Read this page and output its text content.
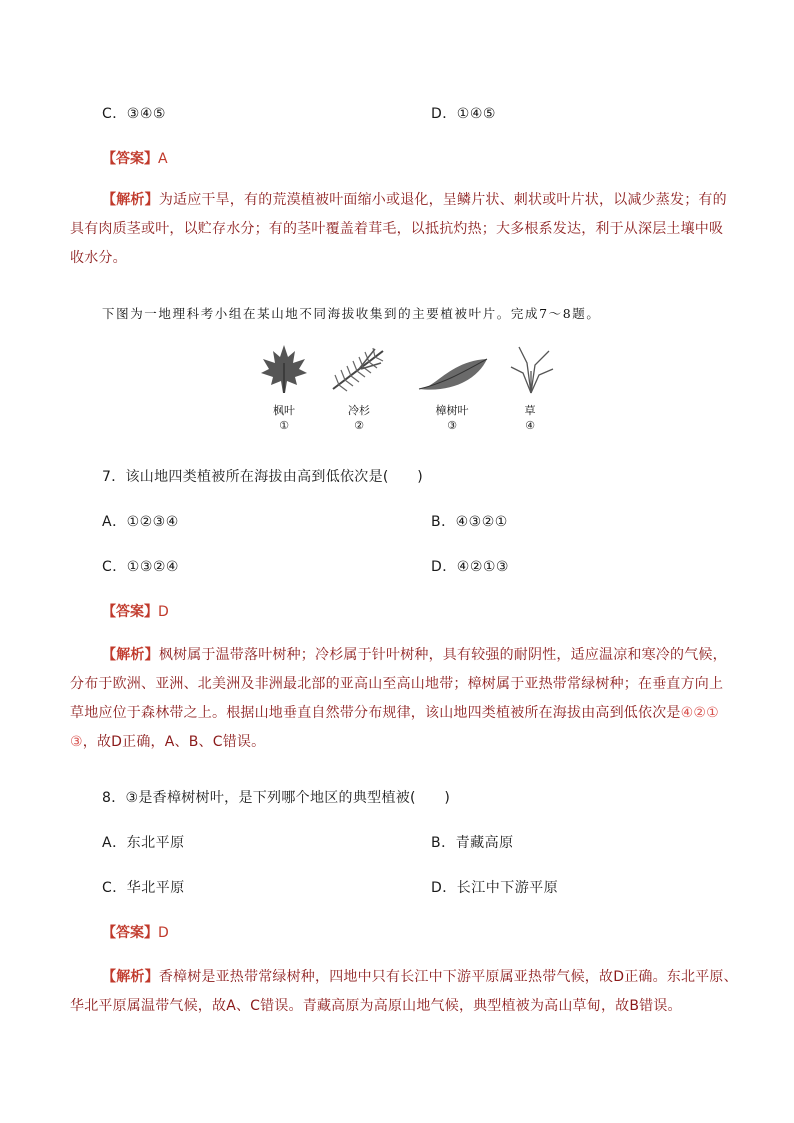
C．③④⑤	D．①④⑤
【答案】A
【解析】为适应干旱，有的荒漠植被叶面缩小或退化，呈鳞片状、刺状或叶片状，以减少蒸发；有的
具有肉质茎或叶，以贮存水分；有的茎叶覆盖着茸毛，以抵抗灼热；大多根系发达，利于从深层土壤中吸
收水分。
下图为一地理科考小组在某山地不同海拔收集到的主要植被叶片。完成7～8题。
枫叶	冷杉	樟树叶	草
①	②	③	④
7．该山地四类植被所在海拔由高到低依次是(　　)
A．①②③④	B．④③②①
C．①③②④	D．④②①③
【答案】D
【解析】枫树属于温带落叶树种；冷杉属于针叶树种，具有较强的耐阴性，适应温凉和寒冷的气候，
分布于欧洲、亚洲、北美洲及非洲最北部的亚高山至高山地带；樟树属于亚热带常绿树种；在垂直方向上
草地应位于森林带之上。根据山地垂直自然带分布规律，该山地四类植被所在海拔由高到低依次是④②①
③，故D正确，A、B、C错误。
8．③是香樟树树叶，是下列哪个地区的典型植被(　　)
A．东北平原	B．青藏高原
C．华北平原	D．长江中下游平原
【答案】D
【解析】香樟树是亚热带常绿树种，四地中只有长江中下游平原属亚热带气候，故D正确。东北平原、
华北平原属温带气候，故A、C错误。青藏高原为高原山地气候，典型植被为高山草甸，故B错误。
